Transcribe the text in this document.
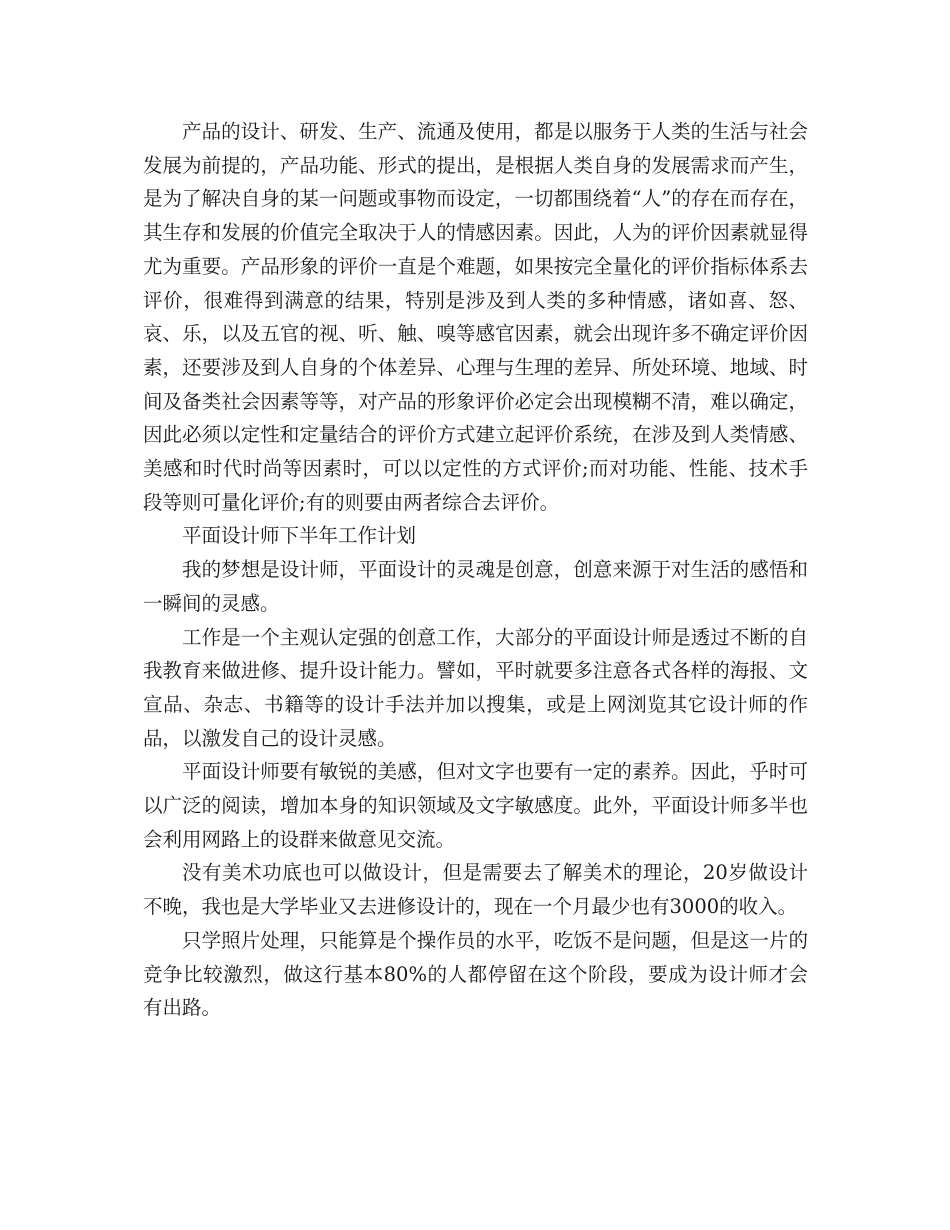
产品的设计、研发、生产、流通及使用，都是以服务于人类的生活与社会发展为前提的，产品功能、形式的提出，是根据人类自身的发展需求而产生，是为了解决自身的某一问题或事物而设定，一切都围绕着“人”的存在而存在，其生存和发展的价值完全取决于人的情感因素。因此，人为的评价因素就显得尤为重要。产品形象的评价一直是个难题，如果按完全量化的评价指标体系去评价，很难得到满意的结果，特别是涉及到人类的多种情感，诸如喜、怒、哀、乐，以及五官的视、听、触、嗅等感官因素，就会出现许多不确定评价因素，还要涉及到人自身的个体差异、心理与生理的差异、所处环境、地域、时间及备类社会因素等等，对产品的形象评价必定会出现模糊不清，难以确定，因此必须以定性和定量结合的评价方式建立起评价系统，在涉及到人类情感、美感和时代时尚等因素时，可以以定性的方式评价;而对功能、性能、技术手段等则可量化评价;有的则要由两者综合去评价。

平面设计师下半年工作计划

我的梦想是设计师，平面设计的灵魂是创意，创意来源于对生活的感悟和一瞬间的灵感。

工作是一个主观认定强的创意工作，大部分的平面设计师是透过不断的自我教育来做进修、提升设计能力。譬如，平时就要多注意各式各样的海报、文宣品、杂志、书籍等的设计手法并加以搜集，或是上网浏览其它设计师的作品，以激发自己的设计灵感。

平面设计师要有敏锐的美感，但对文字也要有一定的素养。因此，乎时可以广泛的阅读，增加本身的知识领域及文字敏感度。此外，平面设计师多半也会利用网路上的设群来做意见交流。

没有美术功底也可以做设计，但是需要去了解美术的理论，20岁做设计不晚，我也是大学毕业又去进修设计的，现在一个月最少也有3000的收入。

只学照片处理，只能算是个操作员的水平，吃饭不是问题，但是这一片的竞争比较激烈，做这行基本80%的人都停留在这个阶段，要成为设计师才会有出路。
